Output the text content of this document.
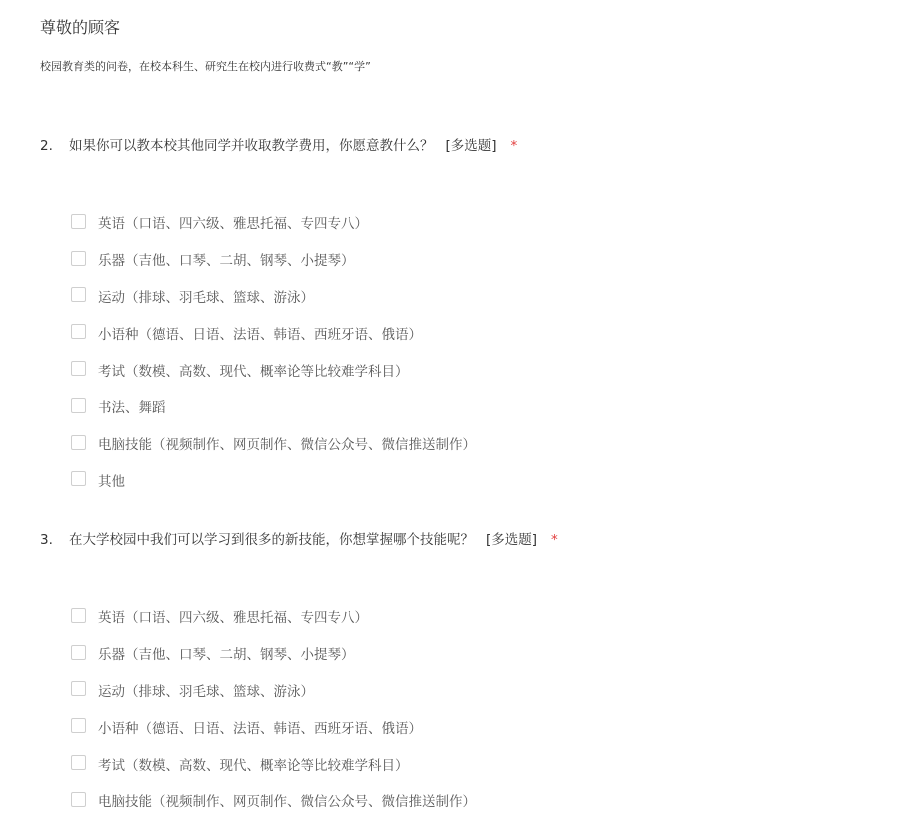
尊敬的顾客
校园教育类的问卷，在校本科生、研究生在校内进行收费式“教”“学”
2. 如果你可以教本校其他同学并收取教学费用，你愿意教什么？ [多选题] *
英语（口语、四六级、雅思托福、专四专八）
乐器（吉他、口琴、二胡、钢琴、小提琴）
运动（排球、羽毛球、篮球、游泳）
小语种（德语、日语、法语、韩语、西班牙语、俄语）
考试（数模、高数、现代、概率论等比较难学科目）
书法、舞蹈
电脑技能（视频制作、网页制作、微信公众号、微信推送制作）
其他
3. 在大学校园中我们可以学习到很多的新技能，你想掌握哪个技能呢？ [多选题] *
英语（口语、四六级、雅思托福、专四专八）
乐器（吉他、口琴、二胡、钢琴、小提琴）
运动（排球、羽毛球、篮球、游泳）
小语种（德语、日语、法语、韩语、西班牙语、俄语）
考试（数模、高数、现代、概率论等比较难学科目）
电脑技能（视频制作、网页制作、微信公众号、微信推送制作）
